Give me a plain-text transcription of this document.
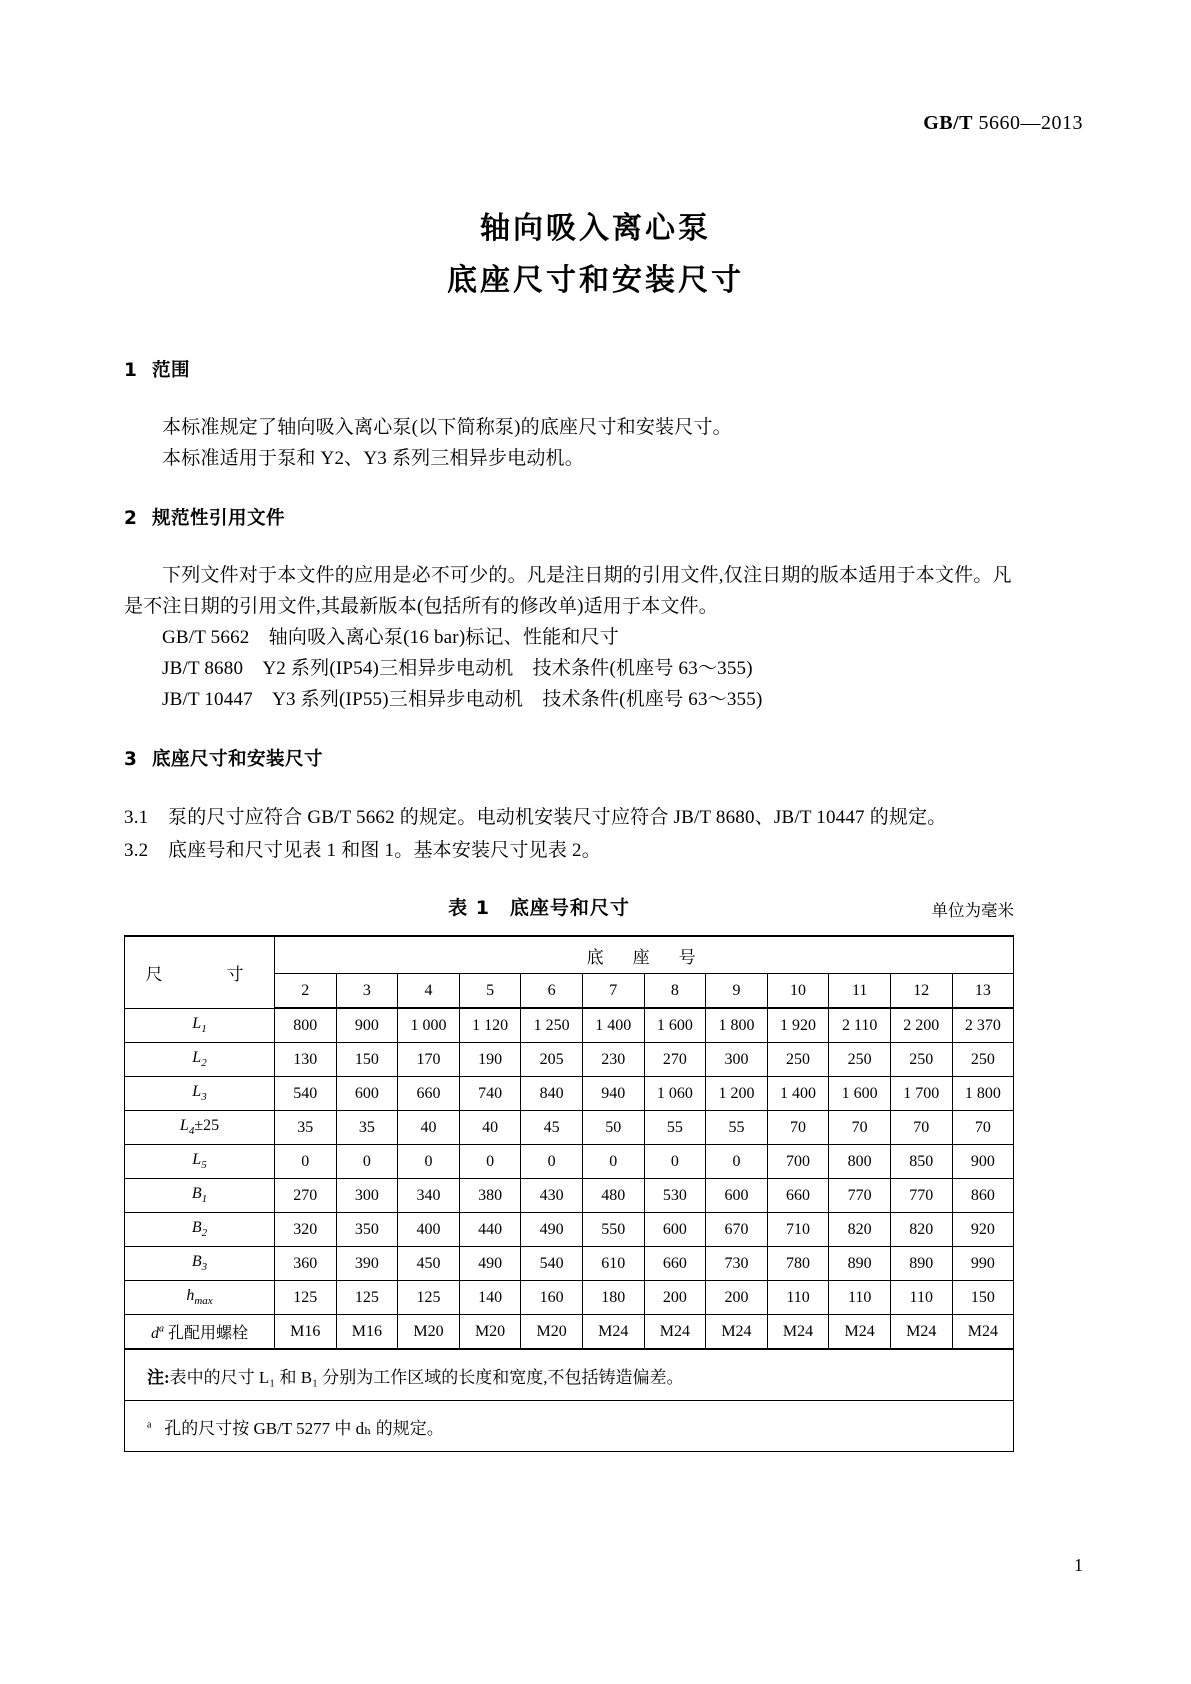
GB/T 5660—2013
轴向吸入离心泵
底座尺寸和安装尺寸
1 范围

本标准规定了轴向吸入离心泵(以下简称泵)的底座尺寸和安装尺寸。

本标准适用于泵和 Y2、Y3 系列三相异步电动机。

2 规范性引用文件

下列文件对于本文件的应用是必不可少的。凡是注日期的引用文件,仅注日期的版本适用于本文件。凡是不注日期的引用文件,其最新版本(包括所有的修改单)适用于本文件。

GB/T 5662　轴向吸入离心泵(16 bar)标记、性能和尺寸

JB/T 8680　Y2 系列(IP54)三相异步电动机　技术条件(机座号 63～355)

JB/T 10447　Y3 系列(IP55)三相异步电动机　技术条件(机座号 63～355)

3 底座尺寸和安装尺寸

3.1 泵的尺寸应符合 GB/T 5662 的规定。电动机安装尺寸应符合 JB/T 8680、JB/T 10447 的规定。

3.2 底座号和尺寸见表 1 和图 1。基本安装尺寸见表 2。

表 1　底座号和尺寸	单位为毫米
尺　　寸	底　座　号											
	2	3	4	5	6	7	8	9	10	11	12	13
$L_1$	800	900	1 000	1 120	1 250	1 400	1 600	1 800	1 920	2 110	2 200	2 370
$L_2$	130	150	170	190	205	230	270	300	250	250	250	250
$L_3$	540	600	660	740	840	940	1 060	1 200	1 400	1 600	1 700	1 800
$L_4\pm 25$	35	35	40	40	45	50	55	55	70	70	70	70
$L_5$	0	0	0	0	0	0	0	0	700	800	850	900
$B_1$	270	300	340	380	430	480	530	600	660	770	770	860
$B_2$	320	350	400	440	490	550	600	670	710	820	820	920
$B_3$	360	390	450	490	540	610	660	730	780	890	890	990
$h_{max}$	125	125	125	140	160	180	200	200	110	110	110	150
$d^a$ 孔配用螺栓	M16	M16	M20	M20	M20	M24	M24	M24	M24	M24	M24	M24
注:表中的尺寸 L₁ 和 B₁ 分别为工作区域的长度和宽度,不包括铸造偏差。												
$^a$ 孔的尺寸按 GB/T 5277 中 dₕ 的规定。												
1
